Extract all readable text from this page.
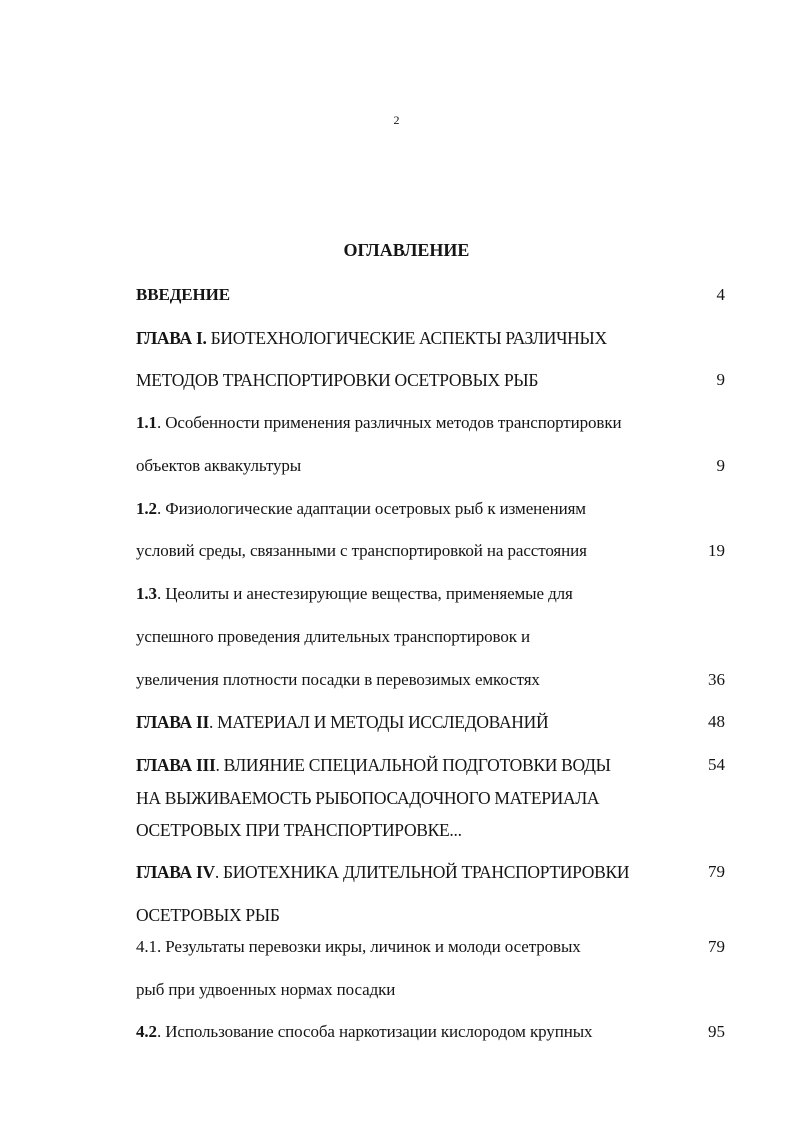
2
ОГЛАВЛЕНИЕ
ВВЕДЕНИЕ	4
ГЛАВА I. БИОТЕХНОЛОГИЧЕСКИЕ АСПЕКТЫ РАЗЛИЧНЫХ
МЕТОДОВ ТРАНСПОРТИРОВКИ ОСЕТРОВЫХ РЫБ	9
1.1. Особенности применения различных методов транспортировки
объектов аквакультуры	9
1.2. Физиологические адаптации осетровых рыб к изменениям
условий среды, связанными с транспортировкой на расстояния	19
1.3. Цеолиты и анестезирующие вещества, применяемые для
успешного проведения длительных транспортировок и
увеличения плотности посадки в перевозимых емкостях	36
ГЛАВА II. МАТЕРИАЛ И МЕТОДЫ ИССЛЕДОВАНИЙ	48
ГЛАВА III. ВЛИЯНИЕ СПЕЦИАЛЬНОЙ ПОДГОТОВКИ ВОДЫ	54
НА ВЫЖИВАЕМОСТЬ РЫБОПОСАДОЧНОГО МАТЕРИАЛА
ОСЕТРОВЫХ ПРИ ТРАНСПОРТИРОВКЕ...
ГЛАВА IV. БИОТЕХНИКА ДЛИТЕЛЬНОЙ ТРАНСПОРТИРОВКИ	79
ОСЕТРОВЫХ РЫБ
4.1. Результаты перевозки икры, личинок и молоди осетровых	79
рыб при удвоенных нормах посадки
4.2. Использование способа наркотизации кислородом крупных	95
